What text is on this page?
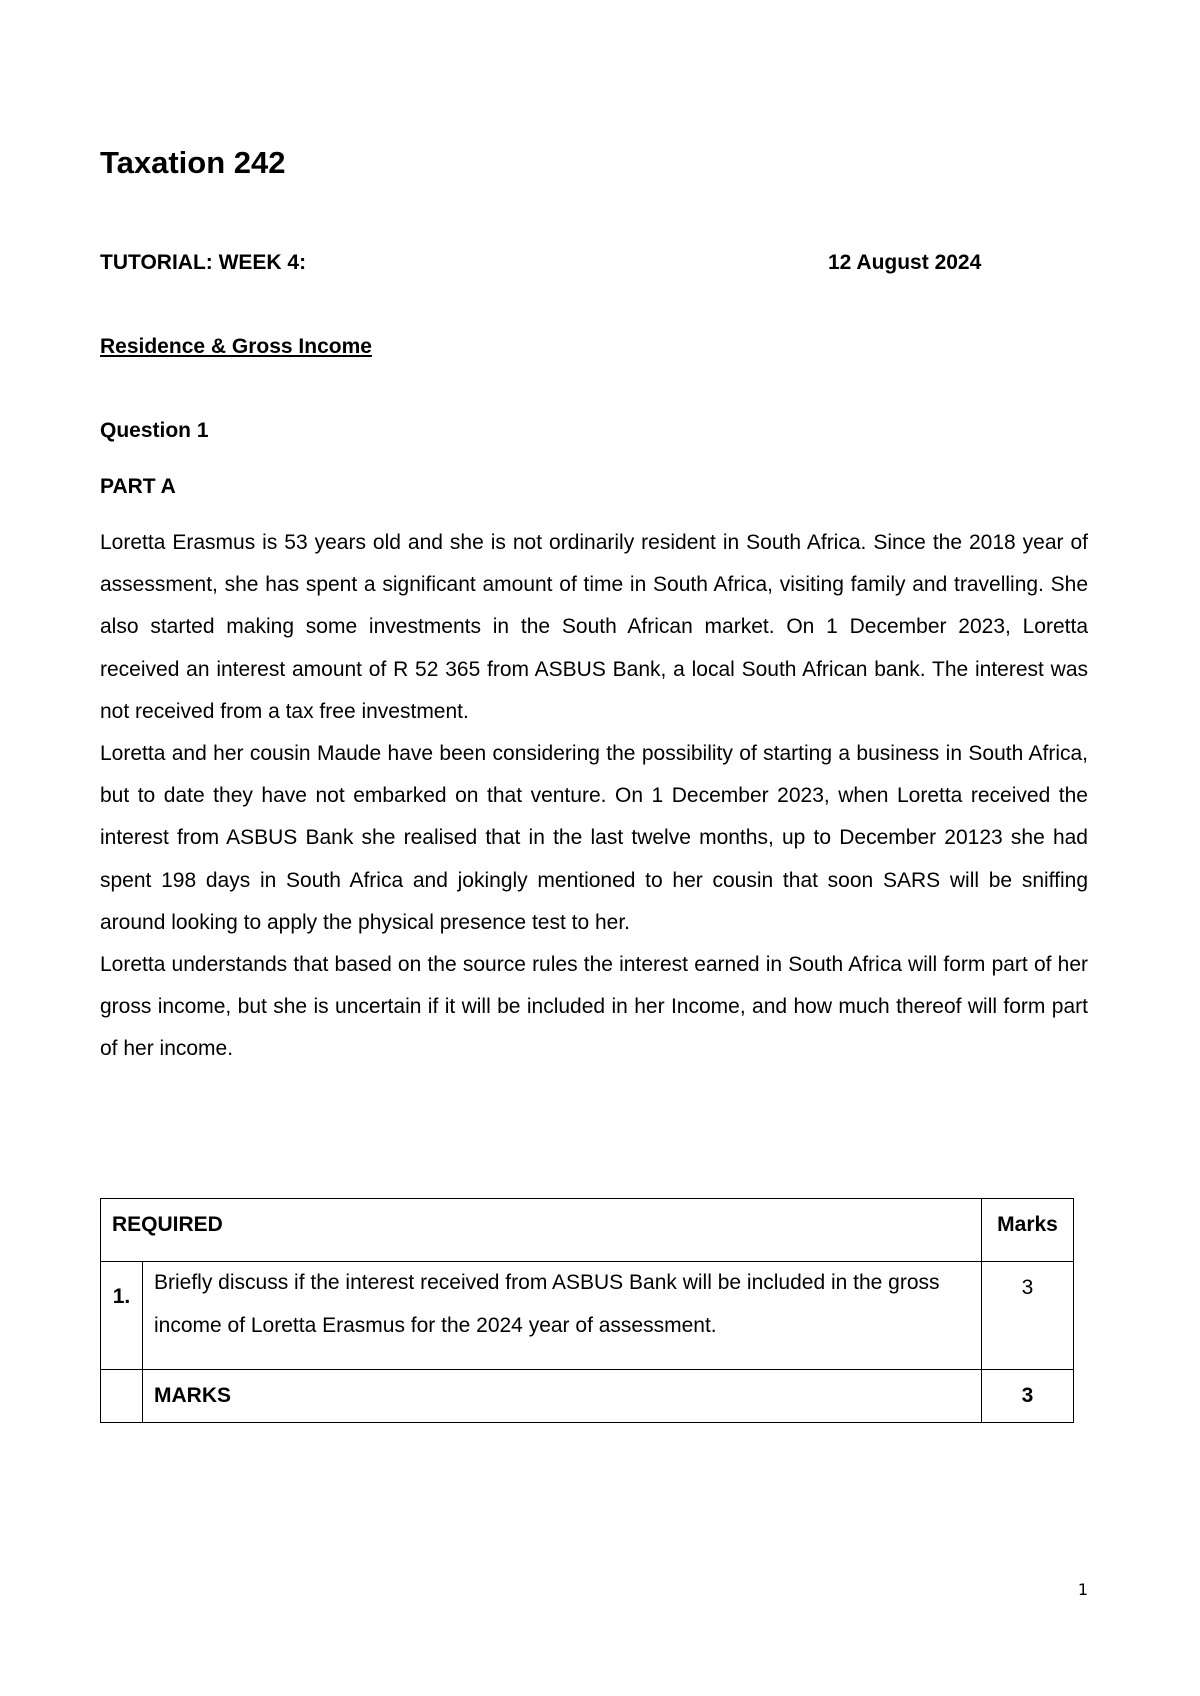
Taxation 242
TUTORIAL: WEEK 4:	12 August 2024
Residence & Gross Income
Question 1
PART A

Loretta Erasmus is 53 years old and she is not ordinarily resident in South Africa. Since the 2018 year of assessment, she has spent a significant amount of time in South Africa, visiting family and travelling. She also started making some investments in the South African market. On 1 December 2023, Loretta received an interest amount of R 52 365 from ASBUS Bank, a local South African bank. The interest was not received from a tax free investment.

Loretta and her cousin Maude have been considering the possibility of starting a business in South Africa, but to date they have not embarked on that venture. On 1 December 2023, when Loretta received the interest from ASBUS Bank she realised that in the last twelve months, up to December 20123 she had spent 198 days in South Africa and jokingly mentioned to her cousin that soon SARS will be sniffing around looking to apply the physical presence test to her.

Loretta understands that based on the source rules the interest earned in South Africa will form part of her gross income, but she is uncertain if it will be included in her Income, and how much thereof will form part of her income.

REQUIRED		Marks
1.	Briefly discuss if the interest received from ASBUS Bank will be included in the gross income of Loretta Erasmus for the 2024 year of assessment.	3
	MARKS	3
1
